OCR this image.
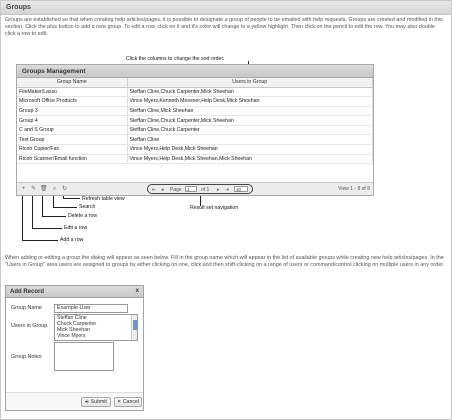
Groups
Groups are established so that when creating help articles/pages, it is possible to designate a group of people to be emailed with help requests. Groups are created and modified in this section. Click the plus button to add a new group. To edit a row, click on it and it's color will change to a yellow highlight. Then click on the pencil to edit the row. You may also double click a row to edit.
Click the columns to change the sort order.
Groups Management
Group Name	Users in Group
FileMaker/Lasso	Steffan Cline,Chuck Carpenter,Mick Sheehan
Microsoft Office Products	Vince Myers,Kenneth Messner,Help Desk,Mick Sheehan
Group 3	Steffan Cline,Mick Sheehan
Group 4	Steffan Cline,Chuck Carpenter,Mick Sheehan
C and S Group	Steffan Cline,Chuck Carpenter
Test Group	Steffan Cline
Ricoh Copier/Fax	Vince Myers,Help Desk,Mick Sheehan
Ricoh Scanner/Email function	Vince Myers,Help Desk,Mick Sheehan,Mick Sheehan
+ ✎ 🗑 ⌕ ↻	⇤ ◂ Page	1	of 1 ▸ ⇥	10	View 1 - 8 of 8
Add a row
Edit a row
Delete a row
Search
Refresh table view
Result set navigation
When adding or editing a group the dialog will appear as seen below. Fill in the group name which will appear in the list of available groups while creating new help articles/pages. In the "Users in Group" area users are assigned to groups by either clicking on one, click and then shift-clicking on a range of users or command/control clicking on multiple users in any order.
Add Record	x
Group Name	Example User
Users in Group
Steffan Cline
Chuck Carpenter
Mick Sheehan
Vince Myers
Group Notes
⎆ Submit	✕ Cancel
